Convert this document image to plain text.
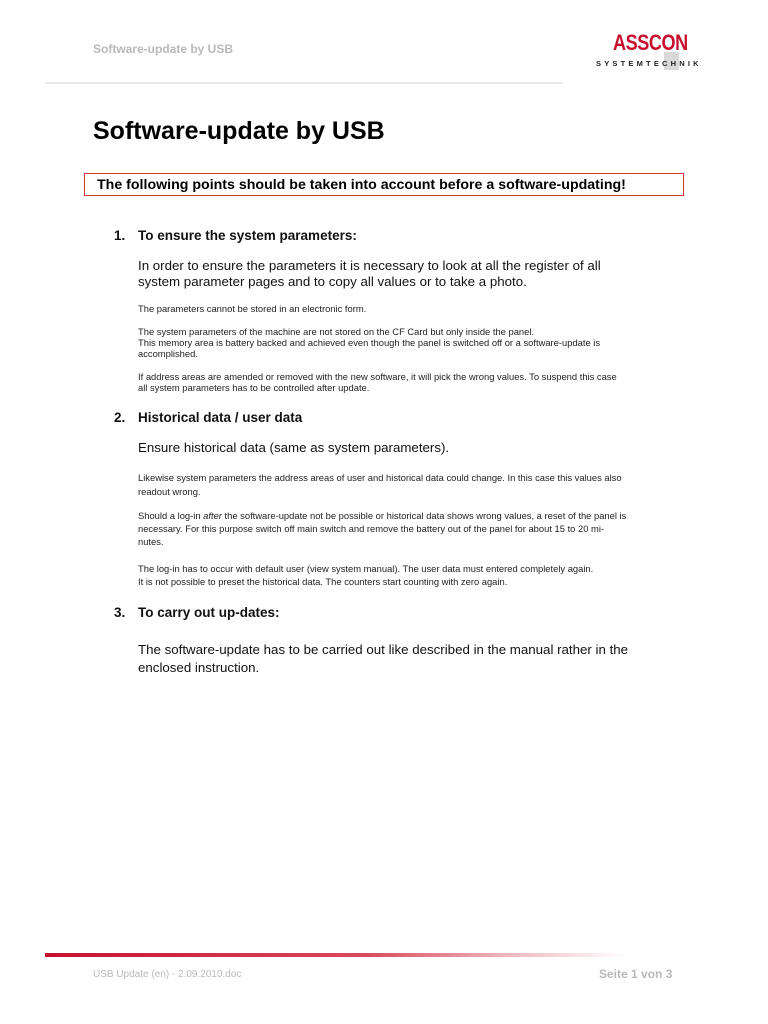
Software-update by USB	ASSCON
SYSTEMTECHNIK
Software-update by USB
The following points should be taken into account before a software-updating!
1. To ensure the system parameters:
In order to ensure the parameters it is necessary to look at all the register of all
system parameter pages and to copy all values or to take a photo.
The parameters cannot be stored in an electronic form.
The system parameters of the machine are not stored on the CF Card but only inside the panel.
This memory area is battery backed and achieved even though the panel is switched off or a software-update is
accomplished.
If address areas are amended or removed with the new software, it will pick the wrong values. To suspend this case
all system parameters has to be controlled after update.
2. Historical data / user data
Ensure historical data (same as system parameters).
Likewise system parameters the address areas of user and historical data could change. In this case this values also
readout wrong.
Should a log-in after the software-update not be possible or historical data shows wrong values, a reset of the panel is
necessary. For this purpose switch off main switch and remove the battery out of the panel for about 15 to 20 mi-
nutes.
The log-in has to occur with default user (view system manual). The user data must entered completely again.
It is not possible to preset the historical data. The counters start counting with zero again.
3. To carry out up-dates:
The software-update has to be carried out like described in the manual rather in the
enclosed instruction.
USB Update (en) - 2.09.2010.doc	Seite 1 von 3
